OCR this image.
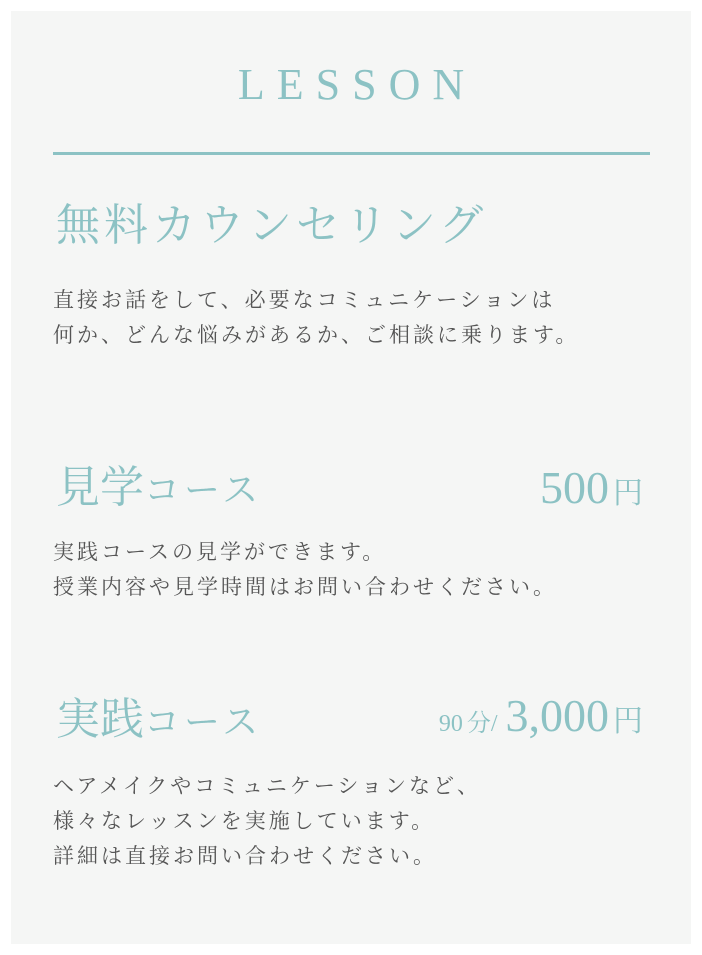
LESSON
無料カウンセリング
直接お話をして、必要なコミュニケーションは
何か、どんな悩みがあるか、ご相談に乗ります。
見学コース	500 円
実践コースの見学ができます。
授業内容や見学時間はお問い合わせください。
実践コース	90 分/ 3,000 円
ヘアメイクやコミュニケーションなど、
様々なレッスンを実施しています。
詳細は直接お問い合わせください。
